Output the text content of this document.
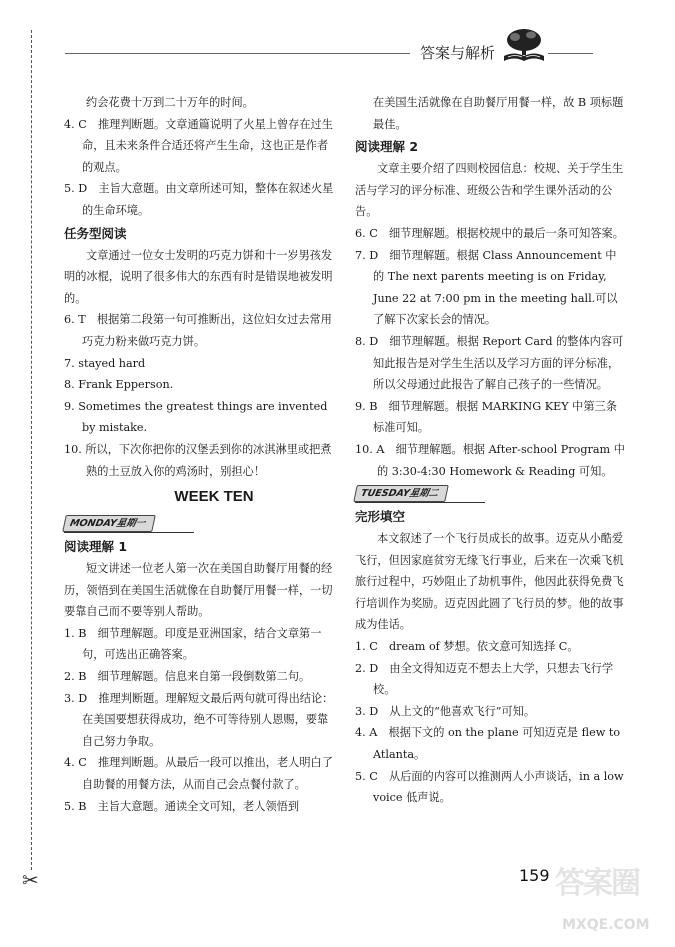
✂
答案与解析

约会花费十万到二十万年的时间。

4. C　推理判断题。文章通篇说明了火星上曾存在过生命，且未来条件合适还将产生生命，这也正是作者的观点。

5. D　主旨大意题。由文章所述可知，整体在叙述火星的生命环境。

任务型阅读

文章通过一位女士发明的巧克力饼和十一岁男孩发明的冰棍，说明了很多伟大的东西有时是错误地被发明的。

6. T　根据第二段第一句可推断出，这位妇女过去常用巧克力粉来做巧克力饼。

7. stayed hard

8. Frank Epperson.

9. Sometimes the greatest things are invented by mistake.

10. 所以，下次你把你的汉堡丢到你的冰淇淋里或把煮熟的土豆放入你的鸡汤时，别担心！

WEEK TEN

MONDAY星期一

阅读理解 1

短文讲述一位老人第一次在美国自助餐厅用餐的经历，领悟到在美国生活就像在自助餐厅用餐一样，一切要靠自己而不要等别人帮助。

1. B　细节理解题。印度是亚洲国家，结合文章第一句，可选出正确答案。

2. B　细节理解题。信息来自第一段倒数第二句。

3. D　推理判断题。理解短文最后两句就可得出结论：在美国要想获得成功，绝不可等待别人恩赐，要靠自己努力争取。

4. C　推理判断题。从最后一段可以推出，老人明白了自助餐的用餐方法，从而自己会点餐付款了。

5. B　主旨大意题。通读全文可知，老人领悟到

在美国生活就像在自助餐厅用餐一样，故 B 项标题最佳。

阅读理解 2

文章主要介绍了四则校园信息：校规、关于学生生活与学习的评分标准、班级公告和学生课外活动的公告。

6. C　细节理解题。根据校规中的最后一条可知答案。

7. D　细节理解题。根据 Class Announcement 中的 The next parents meeting is on Friday, June 22 at 7:00 pm in the meeting hall.可以了解下次家长会的情况。

8. D　细节理解题。根据 Report Card 的整体内容可知此报告是对学生生活以及学习方面的评分标准，所以父母通过此报告了解自己孩子的一些情况。

9. B　细节理解题。根据 MARKING KEY 中第三条标准可知。

10. A　细节理解题。根据 After-school Program 中的 3:30-4:30 Homework & Reading 可知。

TUESDAY星期二

完形填空

本文叙述了一个飞行员成长的故事。迈克从小酷爱飞行，但因家庭贫穷无缘飞行事业，后来在一次乘飞机旅行过程中，巧妙阻止了劫机事件，他因此获得免费飞行培训作为奖励。迈克因此圆了飞行员的梦。他的故事成为佳话。

1. C　dream of 梦想。依文意可知选择 C。

2. D　由全文得知迈克不想去上大学，只想去飞行学校。

3. D　从上文的“他喜欢飞行”可知。

4. A　根据下文的 on the plane 可知迈克是 flew to Atlanta。

5. C　从后面的内容可以推测两人小声谈话，in a low voice 低声说。

159 答案圈
MXQE.COM
